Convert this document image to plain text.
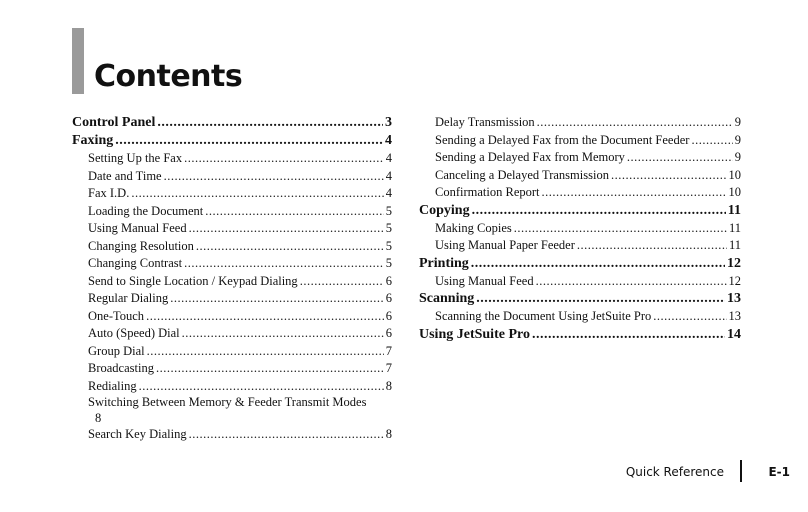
Contents
Control Panel .....	3
Faxing .....	4
Setting Up the Fax .....	4
Date and Time .....	4
Fax I.D. .....	4
Loading the Document .....	5
Using Manual Feed .....	5
Changing Resolution .....	5
Changing Contrast .....	5
Send to Single Location / Keypad Dialing .....	6
Regular Dialing .....	6
One-Touch .....	6
Auto (Speed) Dial .....	6
Group Dial .....	7
Broadcasting .....	7
Redialing .....	8
Switching Between Memory & Feeder Transmit Modes
8
Search Key Dialing .....	8
Delay Transmission .....	9
Sending a Delayed Fax from the Document Feeder .....	9
Sending a Delayed Fax from Memory .....	9
Canceling a Delayed Transmission .....	10
Confirmation Report .....	10
Copying .....	11
Making Copies .....	11
Using Manual Paper Feeder .....	11
Printing .....	12
Using Manual Feed .....	12
Scanning .....	13
Scanning the Document Using JetSuite Pro .....	13
Using JetSuite Pro .....	14
Quick Reference	E-1
